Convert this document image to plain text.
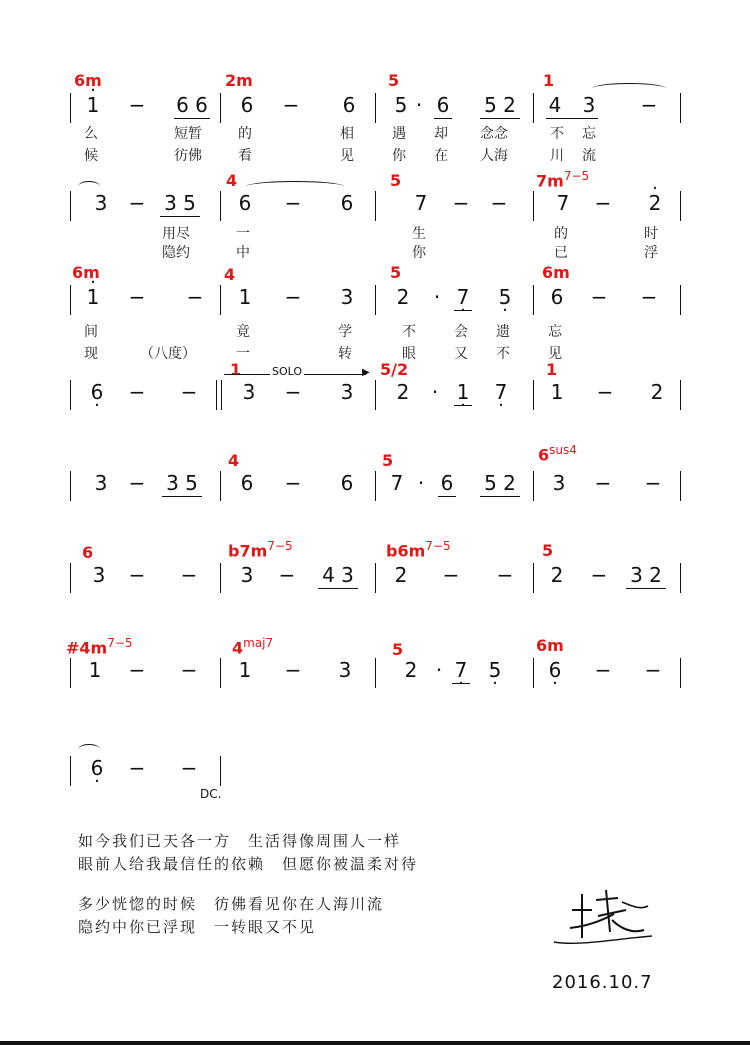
6m	2m	5	1
· 1 − 6 6 6 − 6 5 · 6 5 2 4 3 −
么	短暂	的	相	遇 却 念念	不 忘
候	彷佛	看	见	你 在 人海	川 流
4	5	$7m^{7-5}$
3 − 3 5 6 − 6	7 − − 7 −
· 2
用尽	一	生	的	时
隐约	中	你	已	浮
6m	4	5	6m
· 1 − − 1 − 3 2 · 7 · 5 · 6 − −
间	竟	学	不	会 遗	忘
现	（八度）	一	转	眼	又 不	见
1	5/2	1
▶
SOLO
6 · − − 3 − 3 2 · 1 · 7 · 1 − 2
4	5	$6^{sus4}$
3 − 3 5 6 − 6 7 · 6 5 2 3 − −
6	$b7m^{7-5}$	$b6m^{7-5}$	5
3 − − 3 − 4 3 2 − − 2 − 3 2
$\#4m^{7-5}$	$4^{maj7}$	5	6m
1 − − 1 − 3	2 · 7 · 5 · 6 · − −
6 · − −
DC.
如今我们已天各一方　生活得像周围人一样
眼前人给我最信任的依赖　但愿你被温柔对待
多少恍惚的时候　彷佛看见你在人海川流
隐约中你已浮现　一转眼又不见
2016.10.7
